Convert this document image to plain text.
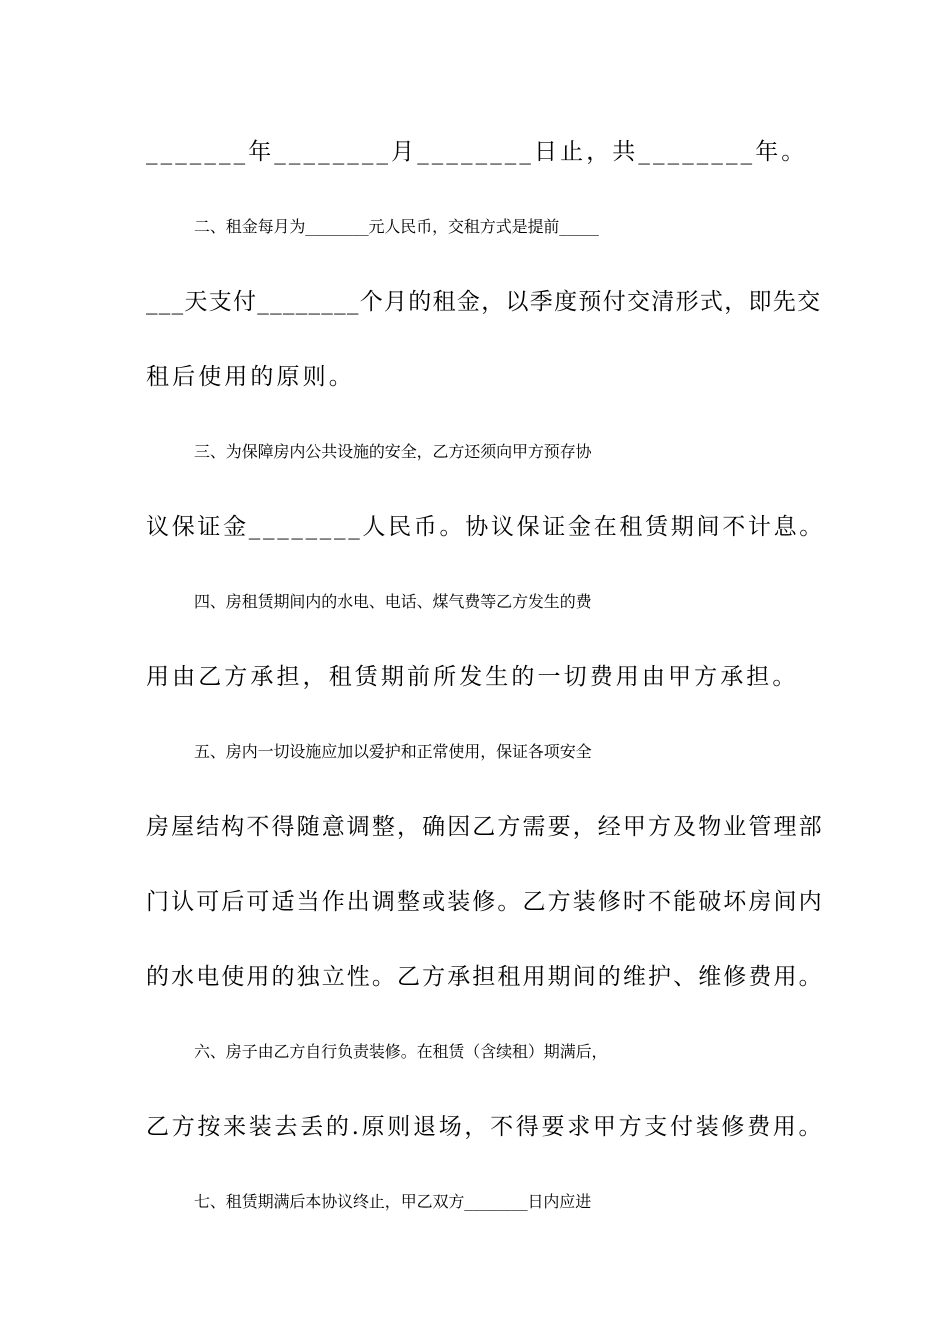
_______年________月________日止，共________年。
二、租金每月为________元人民币，交租方式是提前_____
___天支付________个月的租金，以季度预付交清形式，即先交
租后使用的原则。
三、为保障房内公共设施的安全，乙方还须向甲方预存协
议保证金________人民币。协议保证金在租赁期间不计息。
四、房租赁期间内的水电、电话、煤气费等乙方发生的费
用由乙方承担，租赁期前所发生的一切费用由甲方承担。
五、房内一切设施应加以爱护和正常使用，保证各项安全
房屋结构不得随意调整，确因乙方需要，经甲方及物业管理部
门认可后可适当作出调整或装修。乙方装修时不能破坏房间内
的水电使用的独立性。乙方承担租用期间的维护、维修费用。
六、房子由乙方自行负责装修。在租赁（含续租）期满后，
乙方按来装去丢的.原则退场，不得要求甲方支付装修费用。
七、租赁期满后本协议终止，甲乙双方________日内应进
